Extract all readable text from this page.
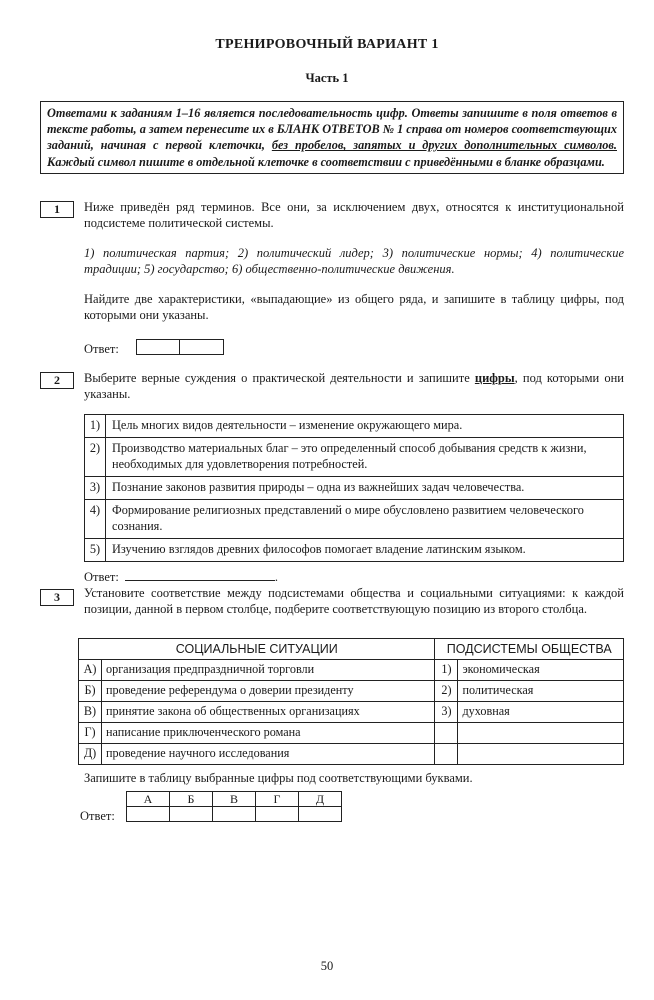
ТРЕНИРОВОЧНЫЙ ВАРИАНТ 1
Часть 1
Ответами к заданиям 1–16 является последовательность цифр. Ответы запишите в поля ответов в тексте работы, а затем перенесите их в БЛАНК ОТВЕТОВ № 1 справа от номеров соответствующих заданий, начиная с первой клеточки, без пробелов, запятых и других дополнительных символов. Каждый символ пишите в отдельной клеточке в соответствии с приведёнными в бланке образцами.
1	Ниже приведён ряд терминов. Все они, за исключением двух, относятся к институциональной подсистеме политической системы.
1) политическая партия; 2) политический лидер; 3) политические нормы; 4) политические традиции; 5) государство; 6) общественно-политические движения.
Найдите две характеристики, «выпадающие» из общего ряда, и запишите в таблицу цифры, под которыми они указаны.
Ответ:
2	Выберите верные суждения о практической деятельности и запишите цифры, под которыми они указаны.
1)	Цель многих видов деятельности – изменение окружающего мира.
2)	Производство материальных благ – это определенный способ добывания средств к жизни, необходимых для удовлетворения потребностей.
3)	Познание законов развития природы – одна из важнейших задач человечества.
4)	Формирование религиозных представлений о мире обусловлено развитием человеческого сознания.
5)	Изучению взглядов древних философов помогает владение латинским языком.
Ответ:	.
3	Установите соответствие между подсистемами общества и социальными ситуациями: к каждой позиции, данной в первом столбце, подберите соответствующую позицию из второго столбца.
СОЦИАЛЬНЫЕ СИТУАЦИИ		ПОДСИСТЕМЫ ОБЩЕСТВА	
А)	организация предпраздничной торговли	1)	экономическая
Б)	проведение референдума о доверии президенту	2)	политическая
В)	принятие закона об общественных организациях	3)	духовная
Г)	написание приключенческого романа		
Д)	проведение научного исследования		
Запишите в таблицу выбранные цифры под соответствующими буквами.
Ответ:
А	Б	В	Г	Д

50
